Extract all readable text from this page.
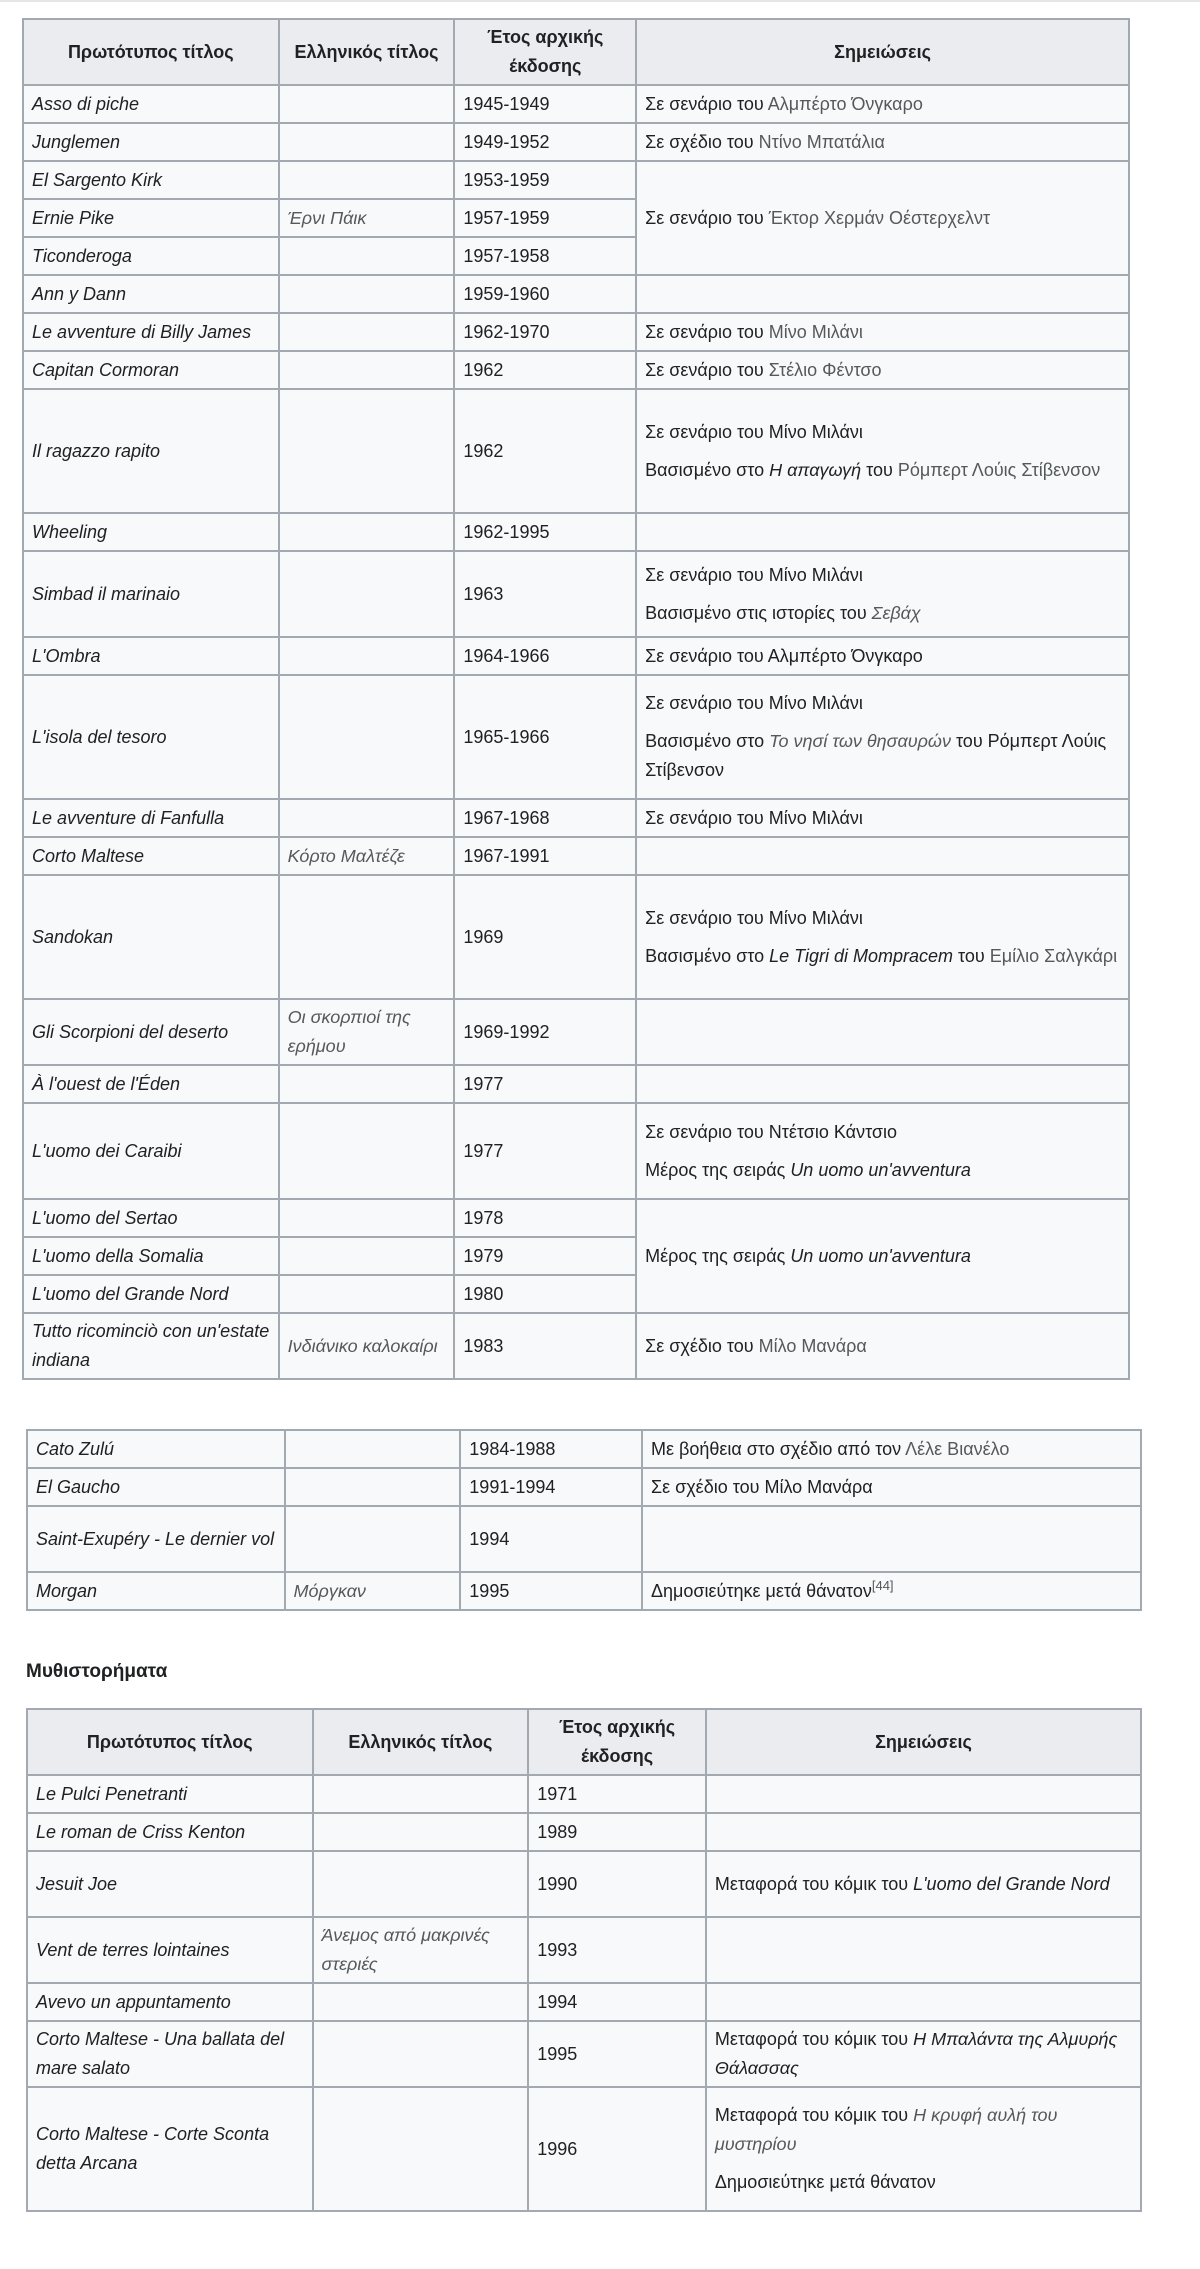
Πρωτότυπος τίτλος	Ελληνικός τίτλος	Έτος αρχικής έκδοσης	Σημειώσεις
Asso di piche		1945-1949	Σε σενάριο του Αλμπέρτο Όνγκαρο

Junglemen		1949-1952	Σε σχέδιο του Ντίνο Μπατάλια

El Sargento Kirk		1953-1959	Σε σενάριο του Έκτορ Χερμάν Οέστερχελντ

Ernie Pike	Έρνι Πάικ	1957-1959	
Ticonderoga		1957-1958	
Ann y Dann		1959-1960	
Le avventure di Billy James		1962-1970	Σε σενάριο του Μίνο Μιλάνι

Capitan Cormoran		1962	Σε σενάριο του Στέλιο Φέντσο

Il ragazzo rapito		1962	Σε σενάριο του Μίνο Μιλάνι
Βασισμένο στο Η απαγωγή του Ρόμπερτ Λούις Στίβενσον

Wheeling		1962-1995	
Simbad il marinaio		1963	Σε σενάριο του Μίνο Μιλάνι
Βασισμένο στις ιστορίες του Σεβάχ

L'Ombra		1964-1966	Σε σενάριο του Αλμπέρτο Όνγκαρο

L'isola del tesoro		1965-1966	Σε σενάριο του Μίνο Μιλάνι
Βασισμένο στο Το νησί των θησαυρών του Ρόμπερτ Λούις Στίβενσον

Le avventure di Fanfulla		1967-1968	Σε σενάριο του Μίνο Μιλάνι

Corto Maltese	Κόρτο Μαλτέζε	1967-1991	
Sandokan		1969	Σε σενάριο του Μίνο Μιλάνι
Βασισμένο στο Le Tigri di Mompracem του Εμίλιο Σαλγκάρι

Gli Scorpioni del deserto	Οι σκορπιοί της ερήμου	1969-1992	
À l'ouest de l'Éden		1977	
L'uomo dei Caraibi		1977	Σε σενάριο του Ντέτσιο Κάντσιο
Μέρος της σειράς Un uomo un'avventura

L'uomo del Sertao		1978	Μέρος της σειράς Un uomo un'avventura

L'uomo della Somalia		1979	
L'uomo del Grande Nord		1980	
Tutto ricominciò con un'estate indiana	Ινδιάνικο καλοκαίρι	1983	Σε σχέδιο του Μίλο Μανάρα
Cato Zulú		1984-1988	Με βοήθεια στο σχέδιο από τον Λέλε Βιανέλο

El Gaucho		1991-1994	Σε σχέδιο του Μίλο Μανάρα

Saint-Exupéry - Le dernier vol		1994	
Morgan	Μόργκαν	1995	Δημοσιεύτηκε μετά θάνατον[44]
Μυθιστορήματα
Πρωτότυπος τίτλος	Ελληνικός τίτλος	Έτος αρχικής έκδοσης	Σημειώσεις
Le Pulci Penetranti		1971	
Le roman de Criss Kenton		1989	
Jesuit Joe		1990	Μεταφορά του κόμικ του L'uomo del Grande Nord

Vent de terres lointaines	Άνεμος από μακρινές στεριές	1993	
Avevo un appuntamento		1994	
Corto Maltese - Una ballata del mare salato		1995	Μεταφορά του κόμικ του Η Μπαλάντα της Αλμυρής Θάλασσας

Corto Maltese - Corte Sconta detta Arcana		1996	Μεταφορά του κόμικ του Η κρυφή αυλή του μυστηρίου
Δημοσιεύτηκε μετά θάνατον
